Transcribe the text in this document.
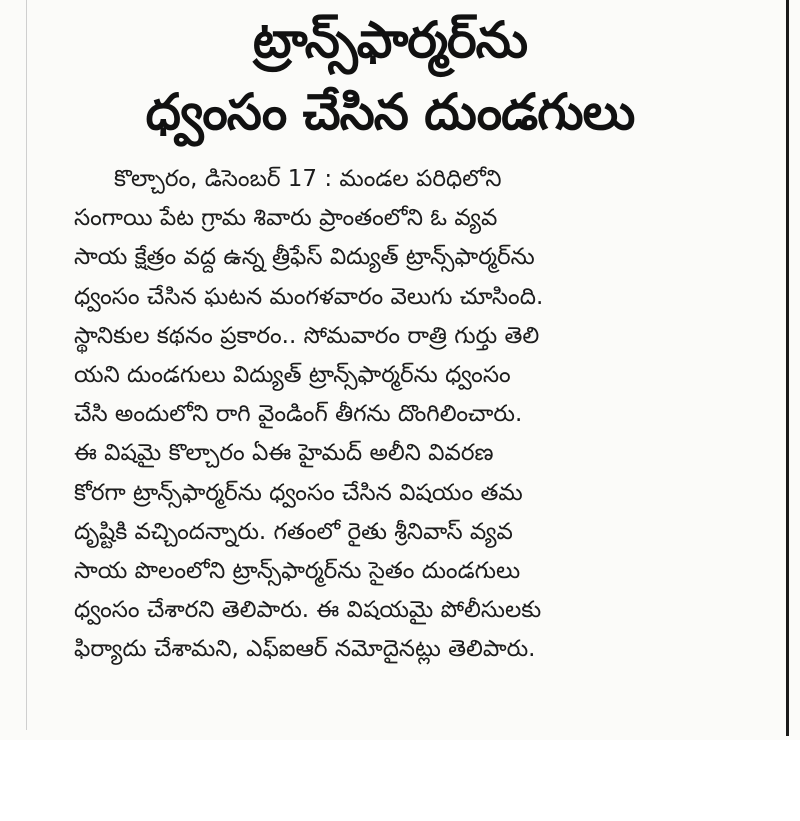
ట్రాన్స్‌ఫార్మర్‌ను
ధ్వంసం చేసిన దుండగులు
కొల్చారం, డిసెంబర్ 17 : మండల పరిధిలోని
సంగాయి పేట గ్రామ శివారు ప్రాంతంలోని ఓ వ్యవ
సాయ క్షేత్రం వద్ద ఉన్న త్రీఫేస్ విద్యుత్ ట్రాన్స్‌ఫార్మర్‌ను
ధ్వంసం చేసిన ఘటన మంగళవారం వెలుగు చూసింది.
స్థానికుల కథనం ప్రకారం.. సోమవారం రాత్రి గుర్తు తెలి
యని దుండగులు విద్యుత్ ట్రాన్స్‌ఫార్మర్‌ను ధ్వంసం
చేసి అందులోని రాగి వైండింగ్ తీగను దొంగిలించారు.
ఈ విషమై కొల్చారం ఏఈ హైమద్ అలీని వివరణ
కోరగా ట్రాన్స్‌ఫార్మర్‌ను ధ్వంసం చేసిన విషయం తమ
దృష్టికి వచ్చిందన్నారు. గతంలో రైతు శ్రీనివాస్ వ్యవ
సాయ పొలంలోని ట్రాన్స్‌ఫార్మర్‌ను సైతం దుండగులు
ధ్వంసం చేశారని తెలిపారు. ఈ విషయమై పోలీసులకు
ఫిర్యాదు చేశామని, ఎఫ్ఐఆర్ నమోదైనట్లు తెలిపారు.
